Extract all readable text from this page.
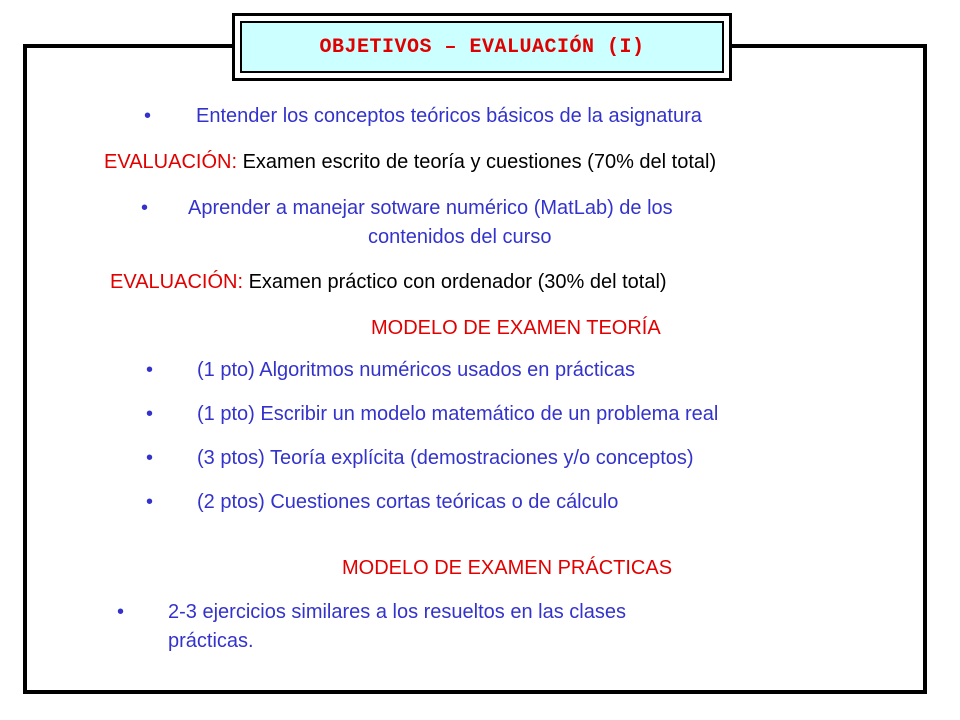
OBJETIVOS – EVALUACIÓN (I)
• Entender los conceptos teóricos básicos de la asignatura
EVALUACIÓN: Examen escrito de teoría y cuestiones (70% del total)
• Aprender a manejar sotware numérico (MatLab) de los
contenidos del curso
EVALUACIÓN: Examen práctico con ordenador (30% del total)
MODELO DE EXAMEN TEORÍA
• (1 pto) Algoritmos numéricos usados en prácticas
• (1 pto) Escribir un modelo matemático de un problema real
• (3 ptos) Teoría explícita (demostraciones y/o conceptos)
• (2 ptos) Cuestiones cortas teóricas o de cálculo
MODELO DE EXAMEN PRÁCTICAS
• 2-3 ejercicios similares a los resueltos en las clases
prácticas.
